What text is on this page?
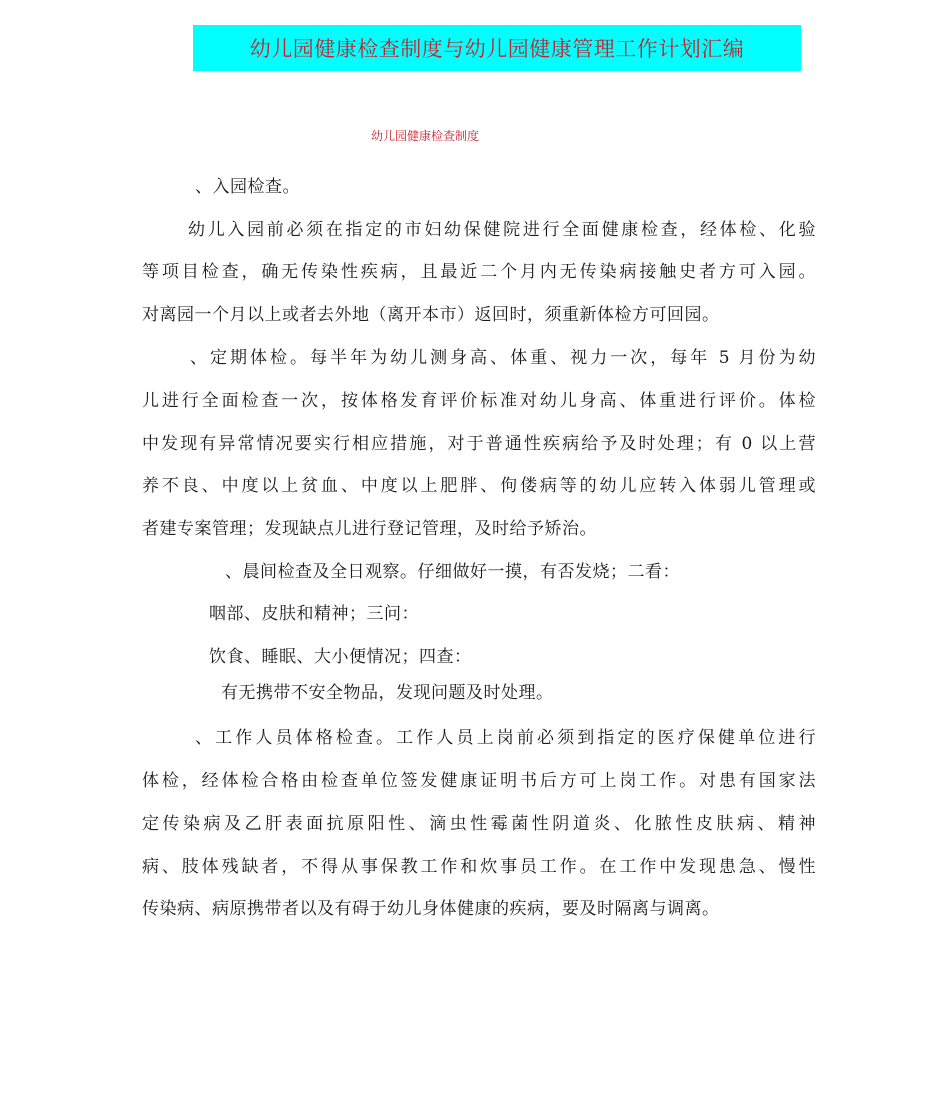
幼儿园健康检查制度与幼儿园健康管理工作计划汇编
幼儿园健康检查制度
、入园检查。
幼儿入园前必须在指定的市妇幼保健院进行全面健康检查，经体检、化验
等项目检查，确无传染性疾病，且最近二个月内无传染病接触史者方可入园。
对离园一个月以上或者去外地（离开本市）返回时，须重新体检方可回园。
、定期体检。每半年为幼儿测身高、体重、视力一次，每年 5 月份为幼
儿进行全面检查一次，按体格发育评价标准对幼儿身高、体重进行评价。体检
中发现有异常情况要实行相应措施，对于普通性疾病给予及时处理；有 0 以上营
养不良、中度以上贫血、中度以上肥胖、佝偻病等的幼儿应转入体弱儿管理或
者建专案管理；发现缺点儿进行登记管理，及时给予矫治。
、晨间检查及全日观察。仔细做好一摸，有否发烧；二看：
咽部、皮肤和精神；三问：
饮食、睡眠、大小便情况；四查：
有无携带不安全物品，发现问题及时处理。
、工作人员体格检查。工作人员上岗前必须到指定的医疗保健单位进行
体检，经体检合格由检查单位签发健康证明书后方可上岗工作。对患有国家法
定传染病及乙肝表面抗原阳性、滴虫性霉菌性阴道炎、化脓性皮肤病、精神
病、肢体残缺者，不得从事保教工作和炊事员工作。在工作中发现患急、慢性
传染病、病原携带者以及有碍于幼儿身体健康的疾病，要及时隔离与调离。
